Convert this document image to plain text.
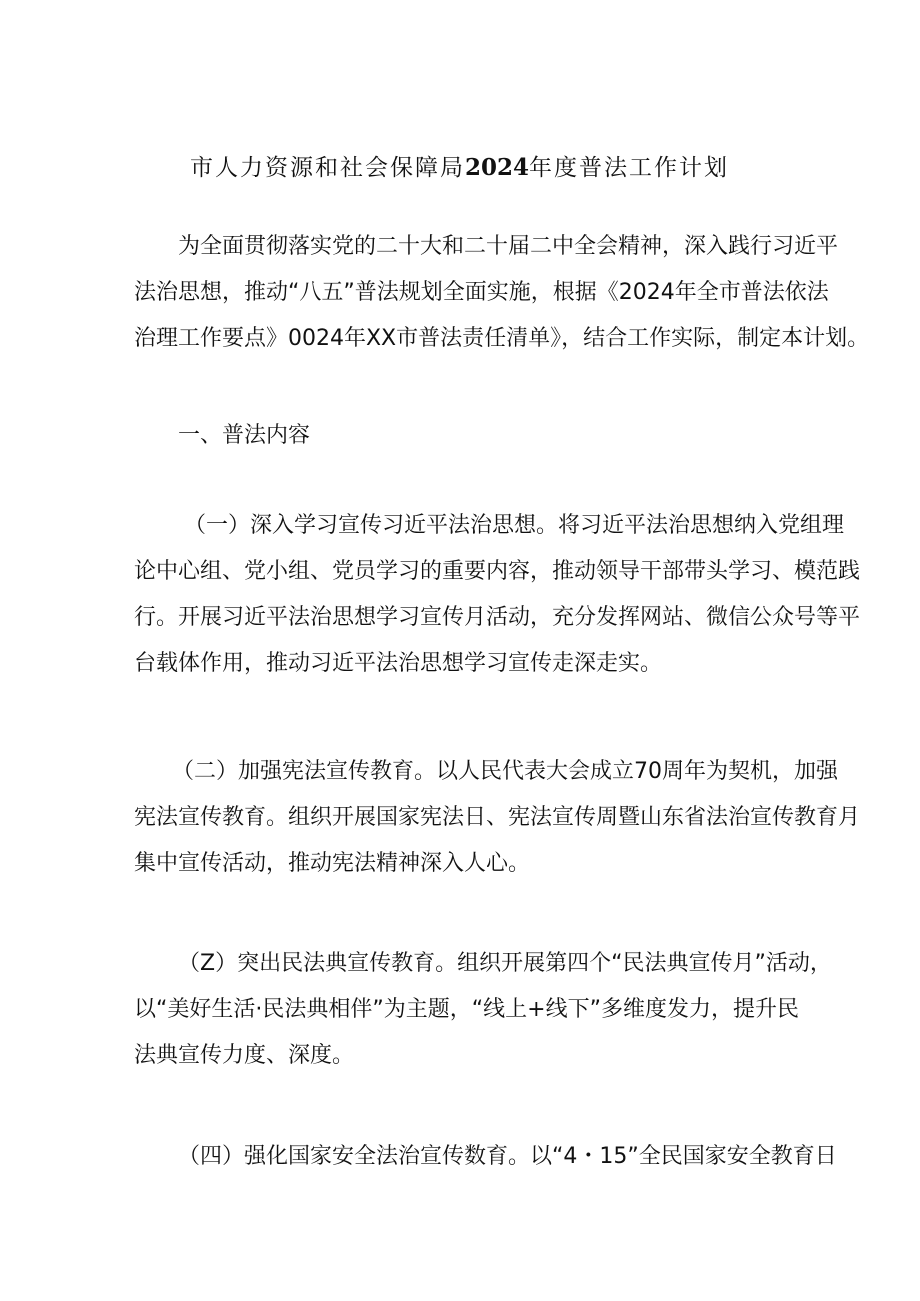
市人力资源和社会保障局2024年度普法工作计划

为全面贯彻落实党的二十大和二十届二中全会精神，深入践行习近平
法治思想，推动“八五”普法规划全面实施，根据《2024年全市普法依法
治理工作要点》0024年XX市普法责任清单》，结合工作实际，制定本计划。

一、普法内容

（一）深入学习宣传习近平法治思想。将习近平法治思想纳入党组理
论中心组、党小组、党员学习的重要内容，推动领导干部带头学习、模范践
行。开展习近平法治思想学习宣传月活动，充分发挥网站、微信公众号等平
台载体作用，推动习近平法治思想学习宣传走深走实。

（二）加强宪法宣传教育。以人民代表大会成立70周年为契机，加强
宪法宣传教育。组织开展国家宪法日、宪法宣传周暨山东省法治宣传教育月
集中宣传活动，推动宪法精神深入人心。

（Z）突出民法典宣传教育。组织开展第四个“民法典宣传月”活动，
以“美好生活·民法典相伴”为主题，“线上+线下”多维度发力，提升民
法典宣传力度、深度。

（四）强化国家安全法治宣传数育。以“4・15”全民国家安全教育日
